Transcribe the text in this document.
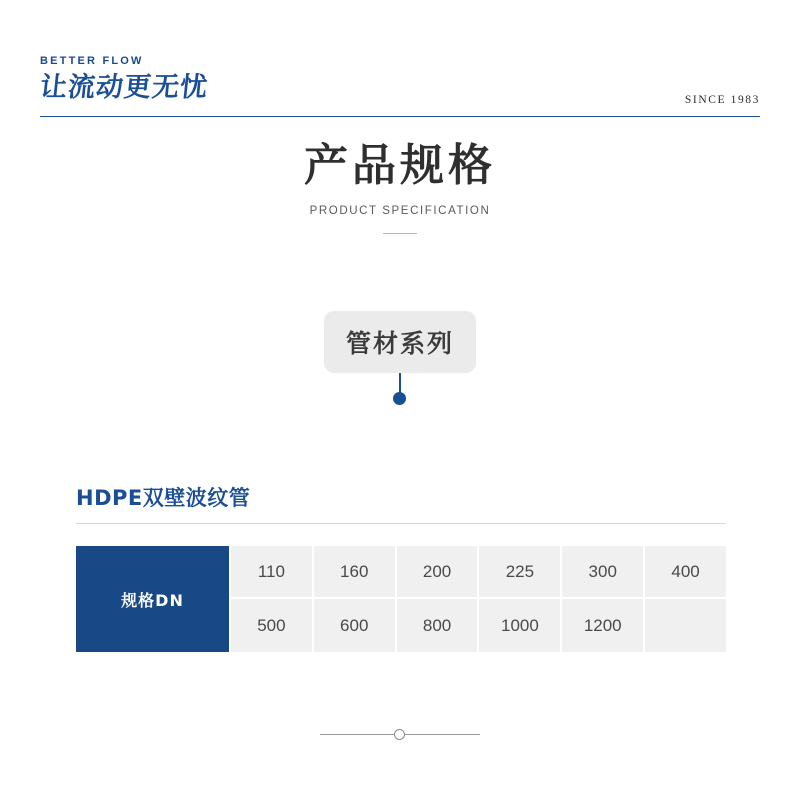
BETTER FLOW
让流动更无忧	SINCE 1983
产品规格
PRODUCT SPECIFICATION
管材系列
HDPE双壁波纹管
规格DN
110	160	200	225	300	400
500	600	800	1000	1200
